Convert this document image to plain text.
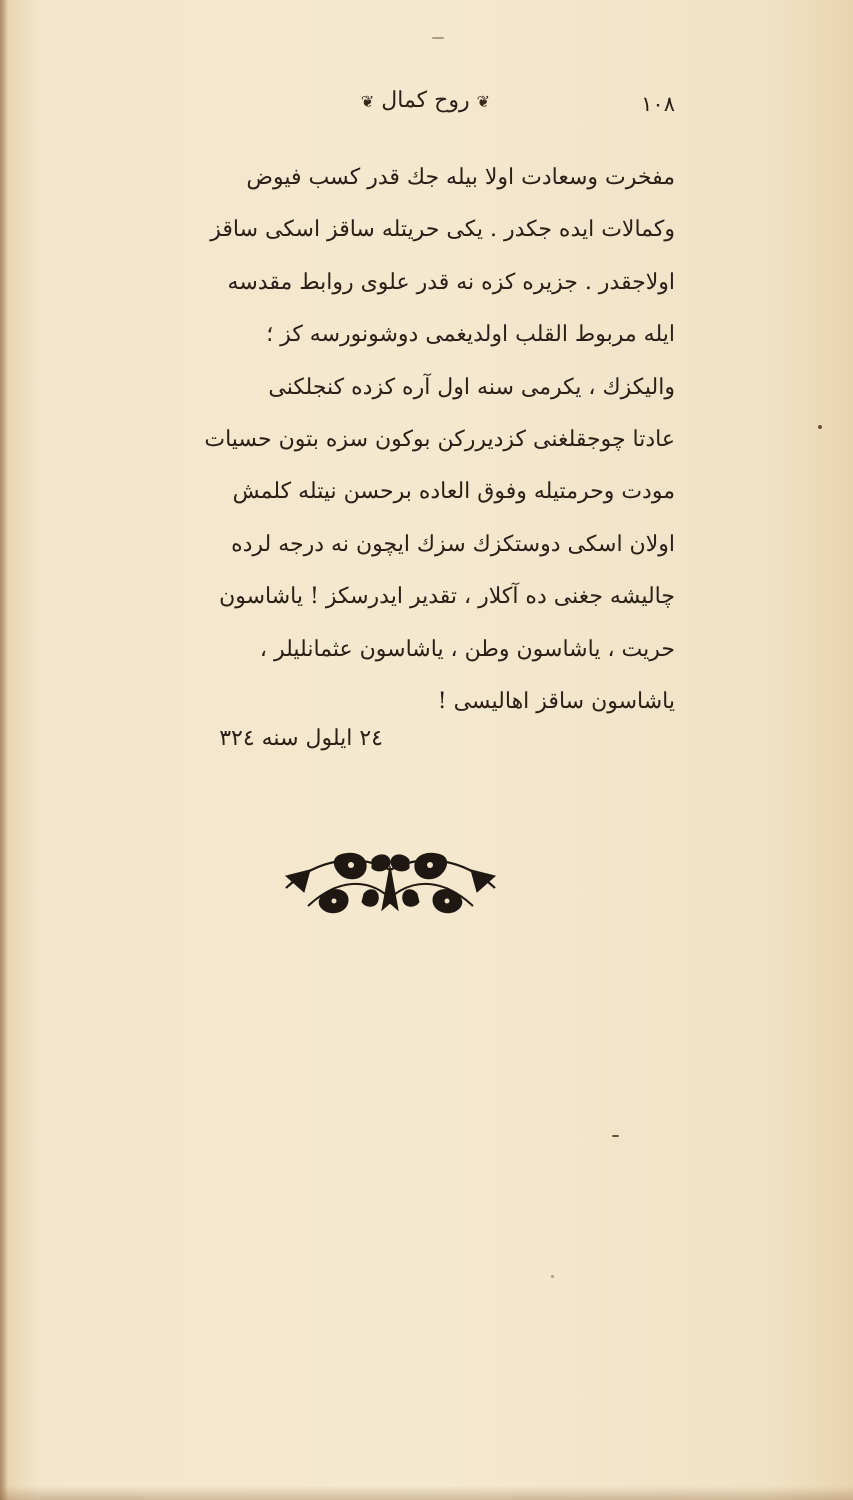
١٠٨
❦ روح كمال ❦
مفخرت وسعادت اولا بیله جك قدر كسب فیوض
وكمالات ایده جكدر . یكی حریتله ساقز اسكی ساقز
اولاجقدر . جزیره كزه نه قدر علوی روابط مقدسه
ایله مربوط القلب اولدیغمی دوشونورسه كز ؛
والیكزك ، یكرمی سنه اول آره كزده كنجلكنی
عادتا چوجقلغنی كزدیرركن بوكون سزه بتون حسیات
مودت وحرمتیله وفوق العاده برحسن نیتله كلمش
اولان اسكی دوستكزك سزك ایچون نه درجه لرده
چالیشه جغنی ده آكلار ، تقدیر ایدرسكز ! یاشاسون
حریت ، یاشاسون وطن ، یاشاسون عثمانلیلر ،
یاشاسون ساقز اهالیسی !
٢٤ ایلول سنه ٣٢٤
